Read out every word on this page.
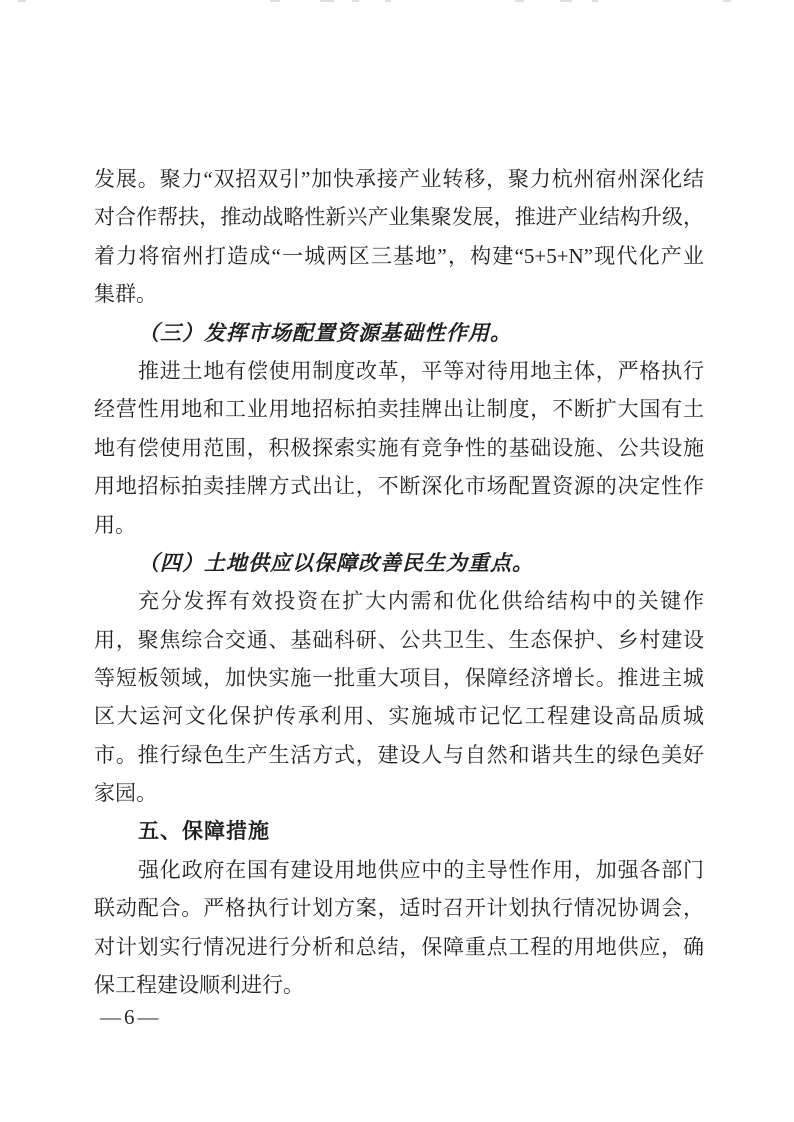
发展。聚力“双招双引”加快承接产业转移，聚力杭州宿州深化结
对合作帮扶，推动战略性新兴产业集聚发展，推进产业结构升级，
着力将宿州打造成“一城两区三基地”，构建“5+5+N”现代化产业
集群。
（三）发挥市场配置资源基础性作用。
推进土地有偿使用制度改革，平等对待用地主体，严格执行
经营性用地和工业用地招标拍卖挂牌出让制度，不断扩大国有土
地有偿使用范围，积极探索实施有竞争性的基础设施、公共设施
用地招标拍卖挂牌方式出让，不断深化市场配置资源的决定性作
用。
（四）土地供应以保障改善民生为重点。
充分发挥有效投资在扩大内需和优化供给结构中的关键作
用，聚焦综合交通、基础科研、公共卫生、生态保护、乡村建设
等短板领域，加快实施一批重大项目，保障经济增长。推进主城
区大运河文化保护传承利用、实施城市记忆工程建设高品质城
市。推行绿色生产生活方式，建设人与自然和谐共生的绿色美好
家园。
五、保障措施
强化政府在国有建设用地供应中的主导性作用，加强各部门
联动配合。严格执行计划方案，适时召开计划执行情况协调会，
对计划实行情况进行分析和总结，保障重点工程的用地供应，确
保工程建设顺利进行。
—6—
